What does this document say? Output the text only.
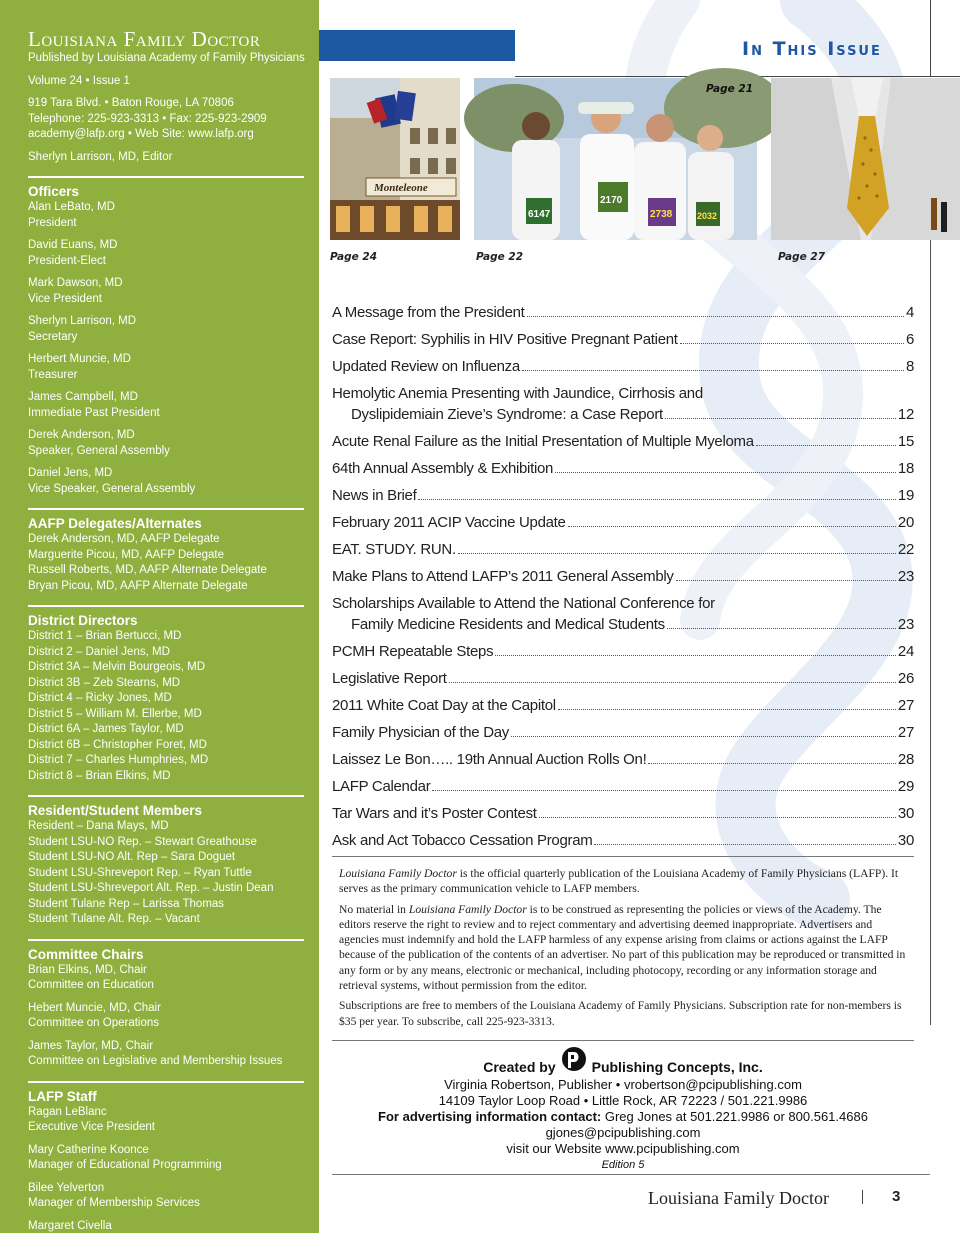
Louisiana Family Doctor
Published by Louisiana Academy of Family Physicians
Volume 24 • Issue 1
919 Tara Blvd. • Baton Rouge, LA 70806
Telephone: 225-923-3313 • Fax: 225-923-2909
academy@lafp.org • Web Site: www.lafp.org
Sherlyn Larrison, MD, Editor
Officers
Alan LeBato, MD
President
David Euans, MD
President-Elect
Mark Dawson, MD
Vice President
Sherlyn Larrison, MD
Secretary
Herbert Muncie, MD
Treasurer
James Campbell, MD
Immediate Past President
Derek Anderson, MD
Speaker, General Assembly
Daniel Jens, MD
Vice Speaker, General Assembly
AAFP Delegates/Alternates
Derek Anderson, MD, AAFP Delegate
Marguerite Picou, MD, AAFP Delegate
Russell Roberts, MD, AAFP Alternate Delegate
Bryan Picou, MD, AAFP Alternate Delegate
District Directors
District 1 – Brian Bertucci, MD
District 2 – Daniel Jens, MD
District 3A – Melvin Bourgeois, MD
District 3B – Zeb Stearns, MD
District 4 – Ricky Jones, MD
District 5 – William M. Ellerbe, MD
District 6A – James Taylor, MD
District 6B – Christopher Foret, MD
District 7 – Charles Humphries, MD
District 8 – Brian Elkins, MD
Resident/Student Members
Resident – Dana Mays, MD
Student LSU-NO Rep. – Stewart Greathouse
Student LSU-NO Alt. Rep – Sara Doguet
Student LSU-Shreveport Rep. – Ryan Tuttle
Student LSU-Shreveport Alt. Rep. – Justin Dean
Student Tulane Rep – Larissa Thomas
Student Tulane Alt. Rep. – Vacant
Committee Chairs
Brian Elkins, MD, Chair
Committee on Education
Hebert Muncie, MD, Chair
Committee on Operations
James Taylor, MD, Chair
Committee on Legislative and Membership Issues
LAFP Staff
Ragan LeBlanc
Executive Vice President
Mary Catherine Koonce
Manager of Educational Programming
Bilee Yelverton
Manager of Membership Services
Margaret Civella
Foundation Coordinator
In This Issue
Monteleone
6147
2170
2738	2032
Page 21
Page 24	Page 22	Page 27
A Message from the President	4
Case Report: Syphilis in HIV Positive Pregnant Patient	6
Updated Review on Influenza	8
Hemolytic Anemia Presenting with Jaundice, Cirrhosis and
Dyslipidemiain Zieve’s Syndrome: a Case Report	12
Acute Renal Failure as the Initial Presentation of Multiple Myeloma	15
64th Annual Assembly & Exhibition	18
News in Brief	19
February 2011 ACIP Vaccine Update	20
EAT. STUDY. RUN.	22
Make Plans to Attend LAFP’s 2011 General Assembly	23
Scholarships Available to Attend the National Conference for
Family Medicine Residents and Medical Students	23
PCMH Repeatable Steps	24
Legislative Report	26
2011 White Coat Day at the Capitol	27
Family Physician of the Day	27
Laissez Le Bon….. 19th Annual Auction Rolls On!	28
LAFP Calendar	29
Tar Wars and it’s Poster Contest	30
Ask and Act Tobacco Cessation Program	30

Louisiana Family Doctor is the official quarterly publication of the Louisiana Academy of Family Physicians (LAFP). It serves as the primary communication vehicle to LAFP members.

No material in Louisiana Family Doctor is to be construed as representing the policies or views of the Academy. The editors reserve the right to review and to reject commentary and advertising deemed inappropriate. Advertisers and agencies must indemnify and hold the LAFP harmless of any expense arising from claims or actions against the LAFP because of the publication of the contents of an advertiser. No part of this publication may be reproduced or transmitted in any form or by any means, electronic or mechanical, including photocopy, recording or any information storage and retrieval systems, without permission from the editor.

Subscriptions are free to members of the Louisiana Academy of Family Physicians. Subscription rate for non-members is $35 per year. To subscribe, call 225-923-3313.

Created by	Publishing Concepts, Inc.
Virginia Robertson, Publisher • vrobertson@pcipublishing.com
14109 Taylor Loop Road • Little Rock, AR 72223 / 501.221.9986
For advertising information contact: Greg Jones at 501.221.9986 or 800.561.4686
gjones@pcipublishing.com
visit our Website www.pcipublishing.com
Edition 5
Louisiana Family Doctor	3
